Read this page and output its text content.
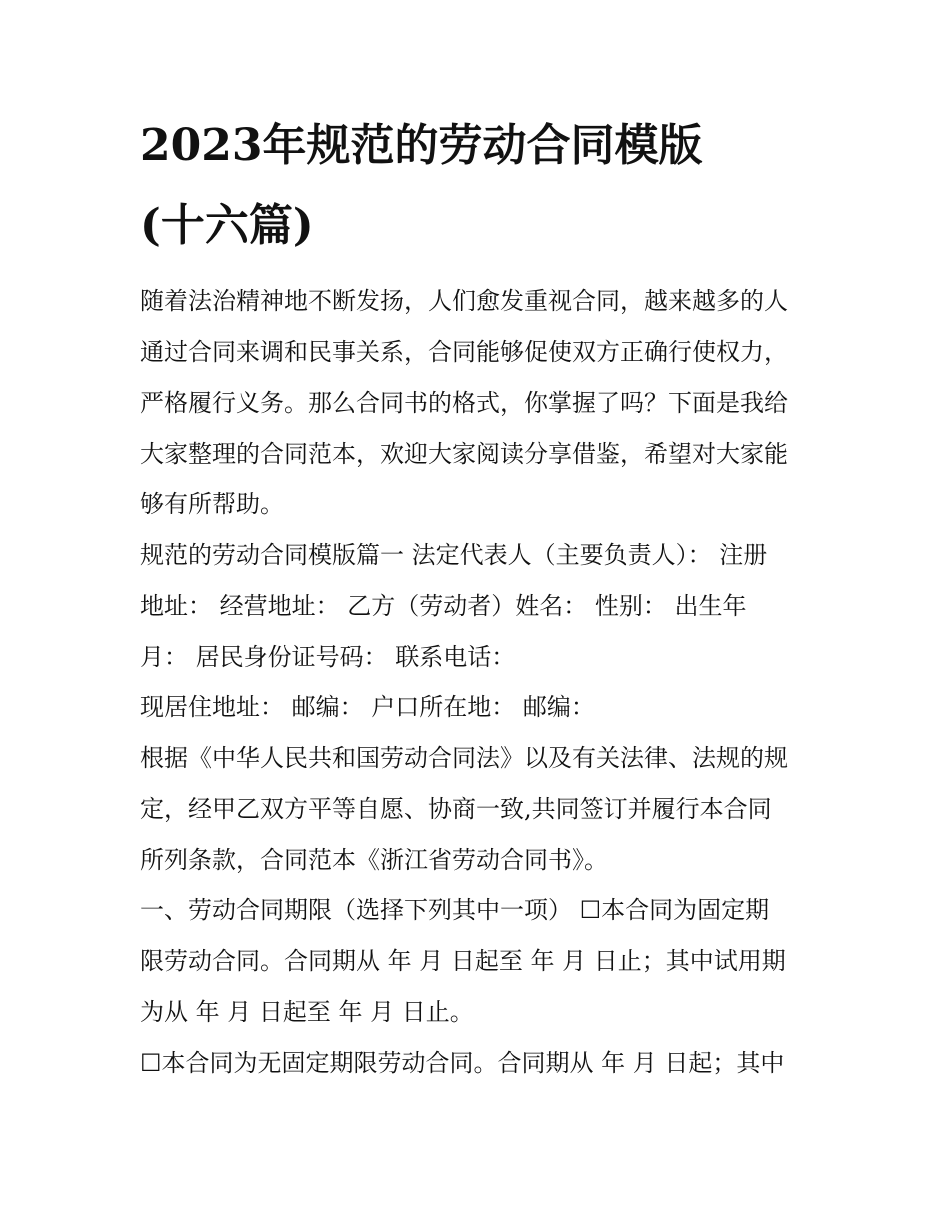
2023年规范的劳动合同模版
(十六篇)

随着法治精神地不断发扬，人们愈发重视合同，越来越多的人

通过合同来调和民事关系，合同能够促使双方正确行使权力，

严格履行义务。那么合同书的格式，你掌握了吗？下面是我给

大家整理的合同范本，欢迎大家阅读分享借鉴，希望对大家能

够有所帮助。

规范的劳动合同模版篇一 法定代表人（主要负责人）： 注册

地址： 经营地址： 乙方（劳动者）姓名： 性别： 出生年

月： 居民身份证号码： 联系电话：

现居住地址： 邮编： 户口所在地： 邮编：

根据《中华人民共和国劳动合同法》以及有关法律、法规的规

定，经甲乙双方平等自愿、协商一致,共同签订并履行本合同

所列条款，合同范本《浙江省劳动合同书》。

一、劳动合同期限（选择下列其中一项） ☐本合同为固定期

限劳动合同。合同期从 年 月 日起至 年 月 日止；其中试用期

为从 年 月 日起至 年 月 日止。

☐本合同为无固定期限劳动合同。合同期从 年 月 日起；其中
